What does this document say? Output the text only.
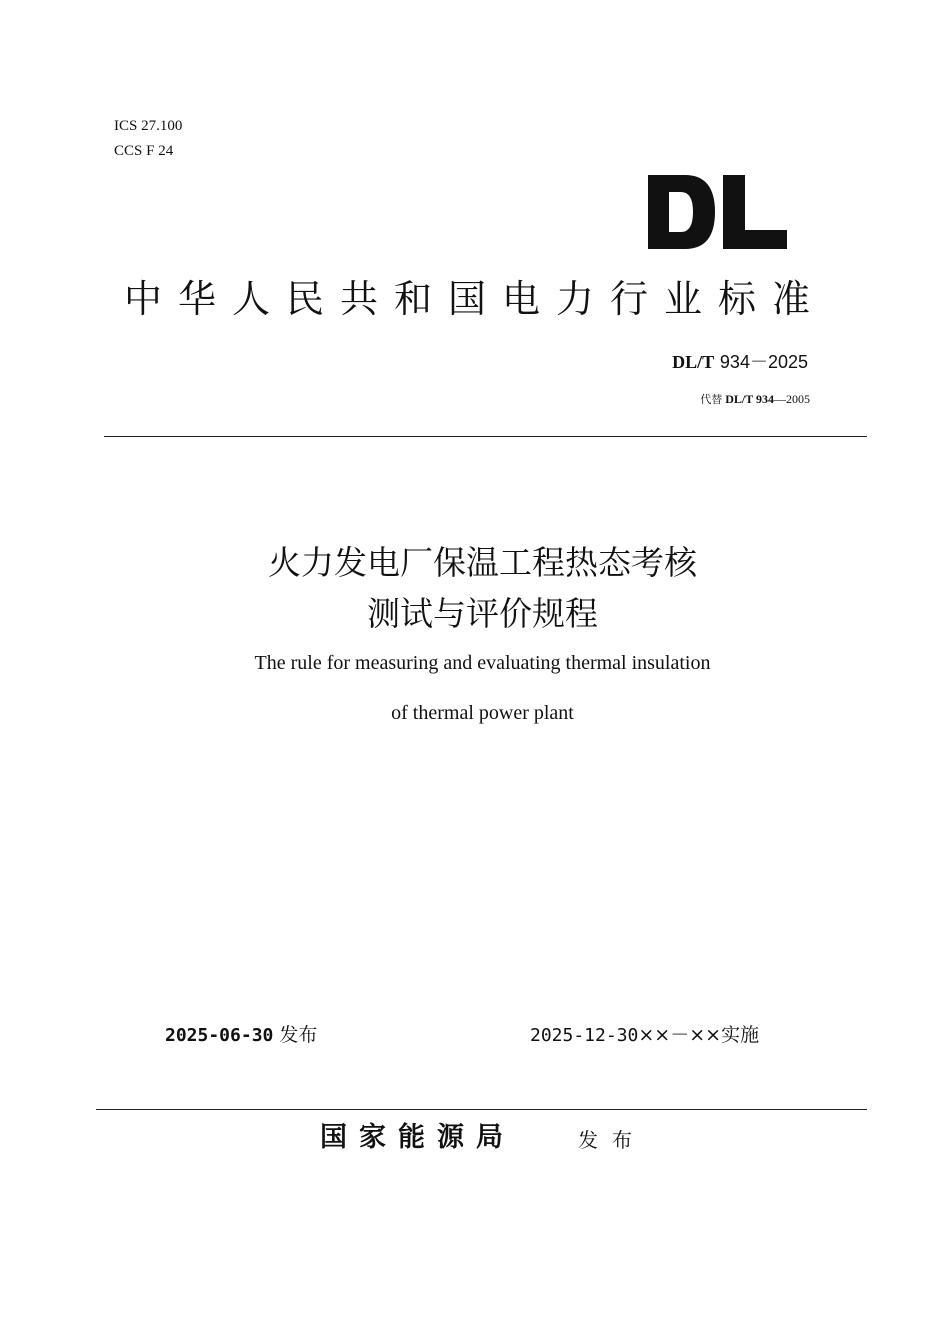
ICS 27.100
CCS F 24
中华人民共和国电力行业标准
DL/T 934－2025
代替 DL/T 934—2005
火力发电厂保温工程热态考核
测试与评价规程
The rule for measuring and evaluating thermal insulation
of thermal power plant
2025-06-30 发布	2025-12-30××－××实施
国家能源局	发布
